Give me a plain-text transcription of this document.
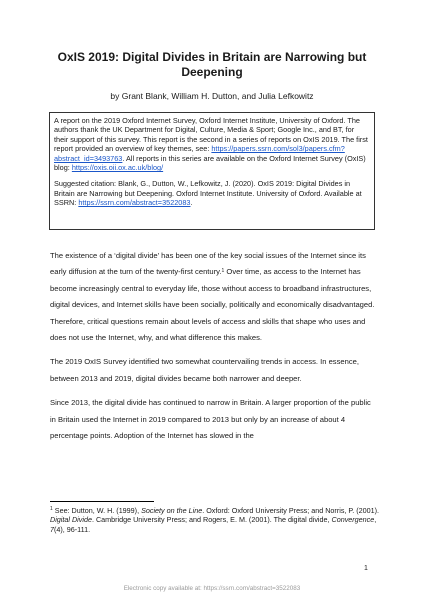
OxIS 2019: Digital Divides in Britain are Narrowing but Deepening

by Grant Blank, William H. Dutton, and Julia Lefkowitz

A report on the 2019 Oxford Internet Survey, Oxford Internet Institute, University of Oxford. The authors thank the UK Department for Digital, Culture, Media & Sport; Google Inc., and BT, for their support of this survey. This report is the second in a series of reports on OxIS 2019. The first report provided an overview of key themes, see: https://papers.ssrn.com/sol3/papers.cfm?abstract_id=3493763. All reports in this series are available on the Oxford Internet Survey (OxIS) blog: https://oxis.oii.ox.ac.uk/blog/

Suggested citation: Blank, G., Dutton, W., Lefkowitz, J. (2020). OxIS 2019: Digital Divides in Britain are Narrowing but Deepening. Oxford Internet Institute. University of Oxford. Available at SSRN: https://ssrn.com/abstract=3522083.

The existence of a ‘digital divide’ has been one of the key social issues of the Internet since its early diffusion at the turn of the twenty-first century.$^1$ Over time, as access to the Internet has become increasingly central to everyday life, those without access to broadband infrastructures, digital devices, and Internet skills have been socially, politically and economically disadvantaged. Therefore, critical questions remain about levels of access and skills that shape who uses and does not use the Internet, why, and what difference this makes.

The 2019 OxIS Survey identified two somewhat countervailing trends in access. In essence, between 2013 and 2019, digital divides became both narrower and deeper.

Since 2013, the digital divide has continued to narrow in Britain. A larger proportion of the public in Britain used the Internet in 2019 compared to 2013 but only by an increase of about 4 percentage points. Adoption of the Internet has slowed in the

$^1$ See: Dutton, W. H. (1999), Society on the Line. Oxford: Oxford University Press; and Norris, P. (2001). Digital Divide. Cambridge University Press; and Rogers, E. M. (2001). The digital divide, Convergence, 7(4), 96-111.

1
Electronic copy available at: https://ssrn.com/abstract=3522083
